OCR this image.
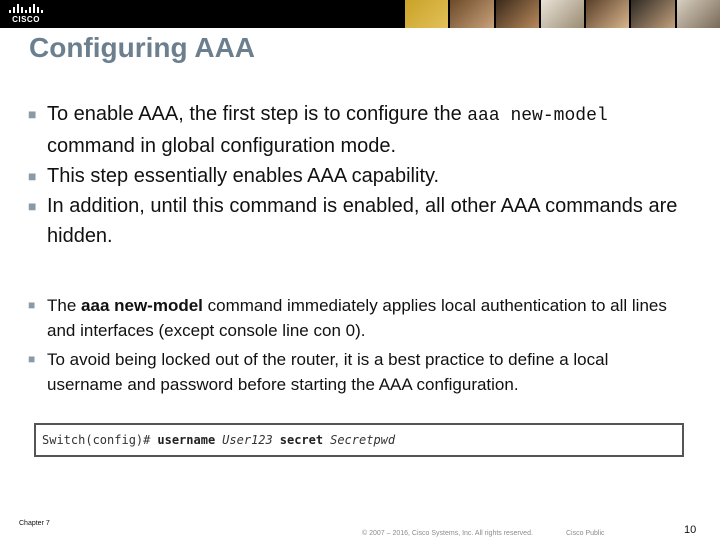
CISCO
Configuring AAA
■ To enable AAA, the first step is to configure the aaa new-model command in global configuration mode.
■ This step essentially enables AAA capability.
■ In addition, until this command is enabled, all other AAA commands are hidden.
■ The aaa new-model command immediately applies local authentication to all lines and interfaces (except console line con 0).
■ To avoid being locked out of the router, it is a best practice to define a local username and password before starting the AAA configuration.
Switch(config)# username User123 secret Secretpwd
Chapter 7
© 2007 – 2016, Cisco Systems, Inc. All rights reserved.	Cisco Public	10
